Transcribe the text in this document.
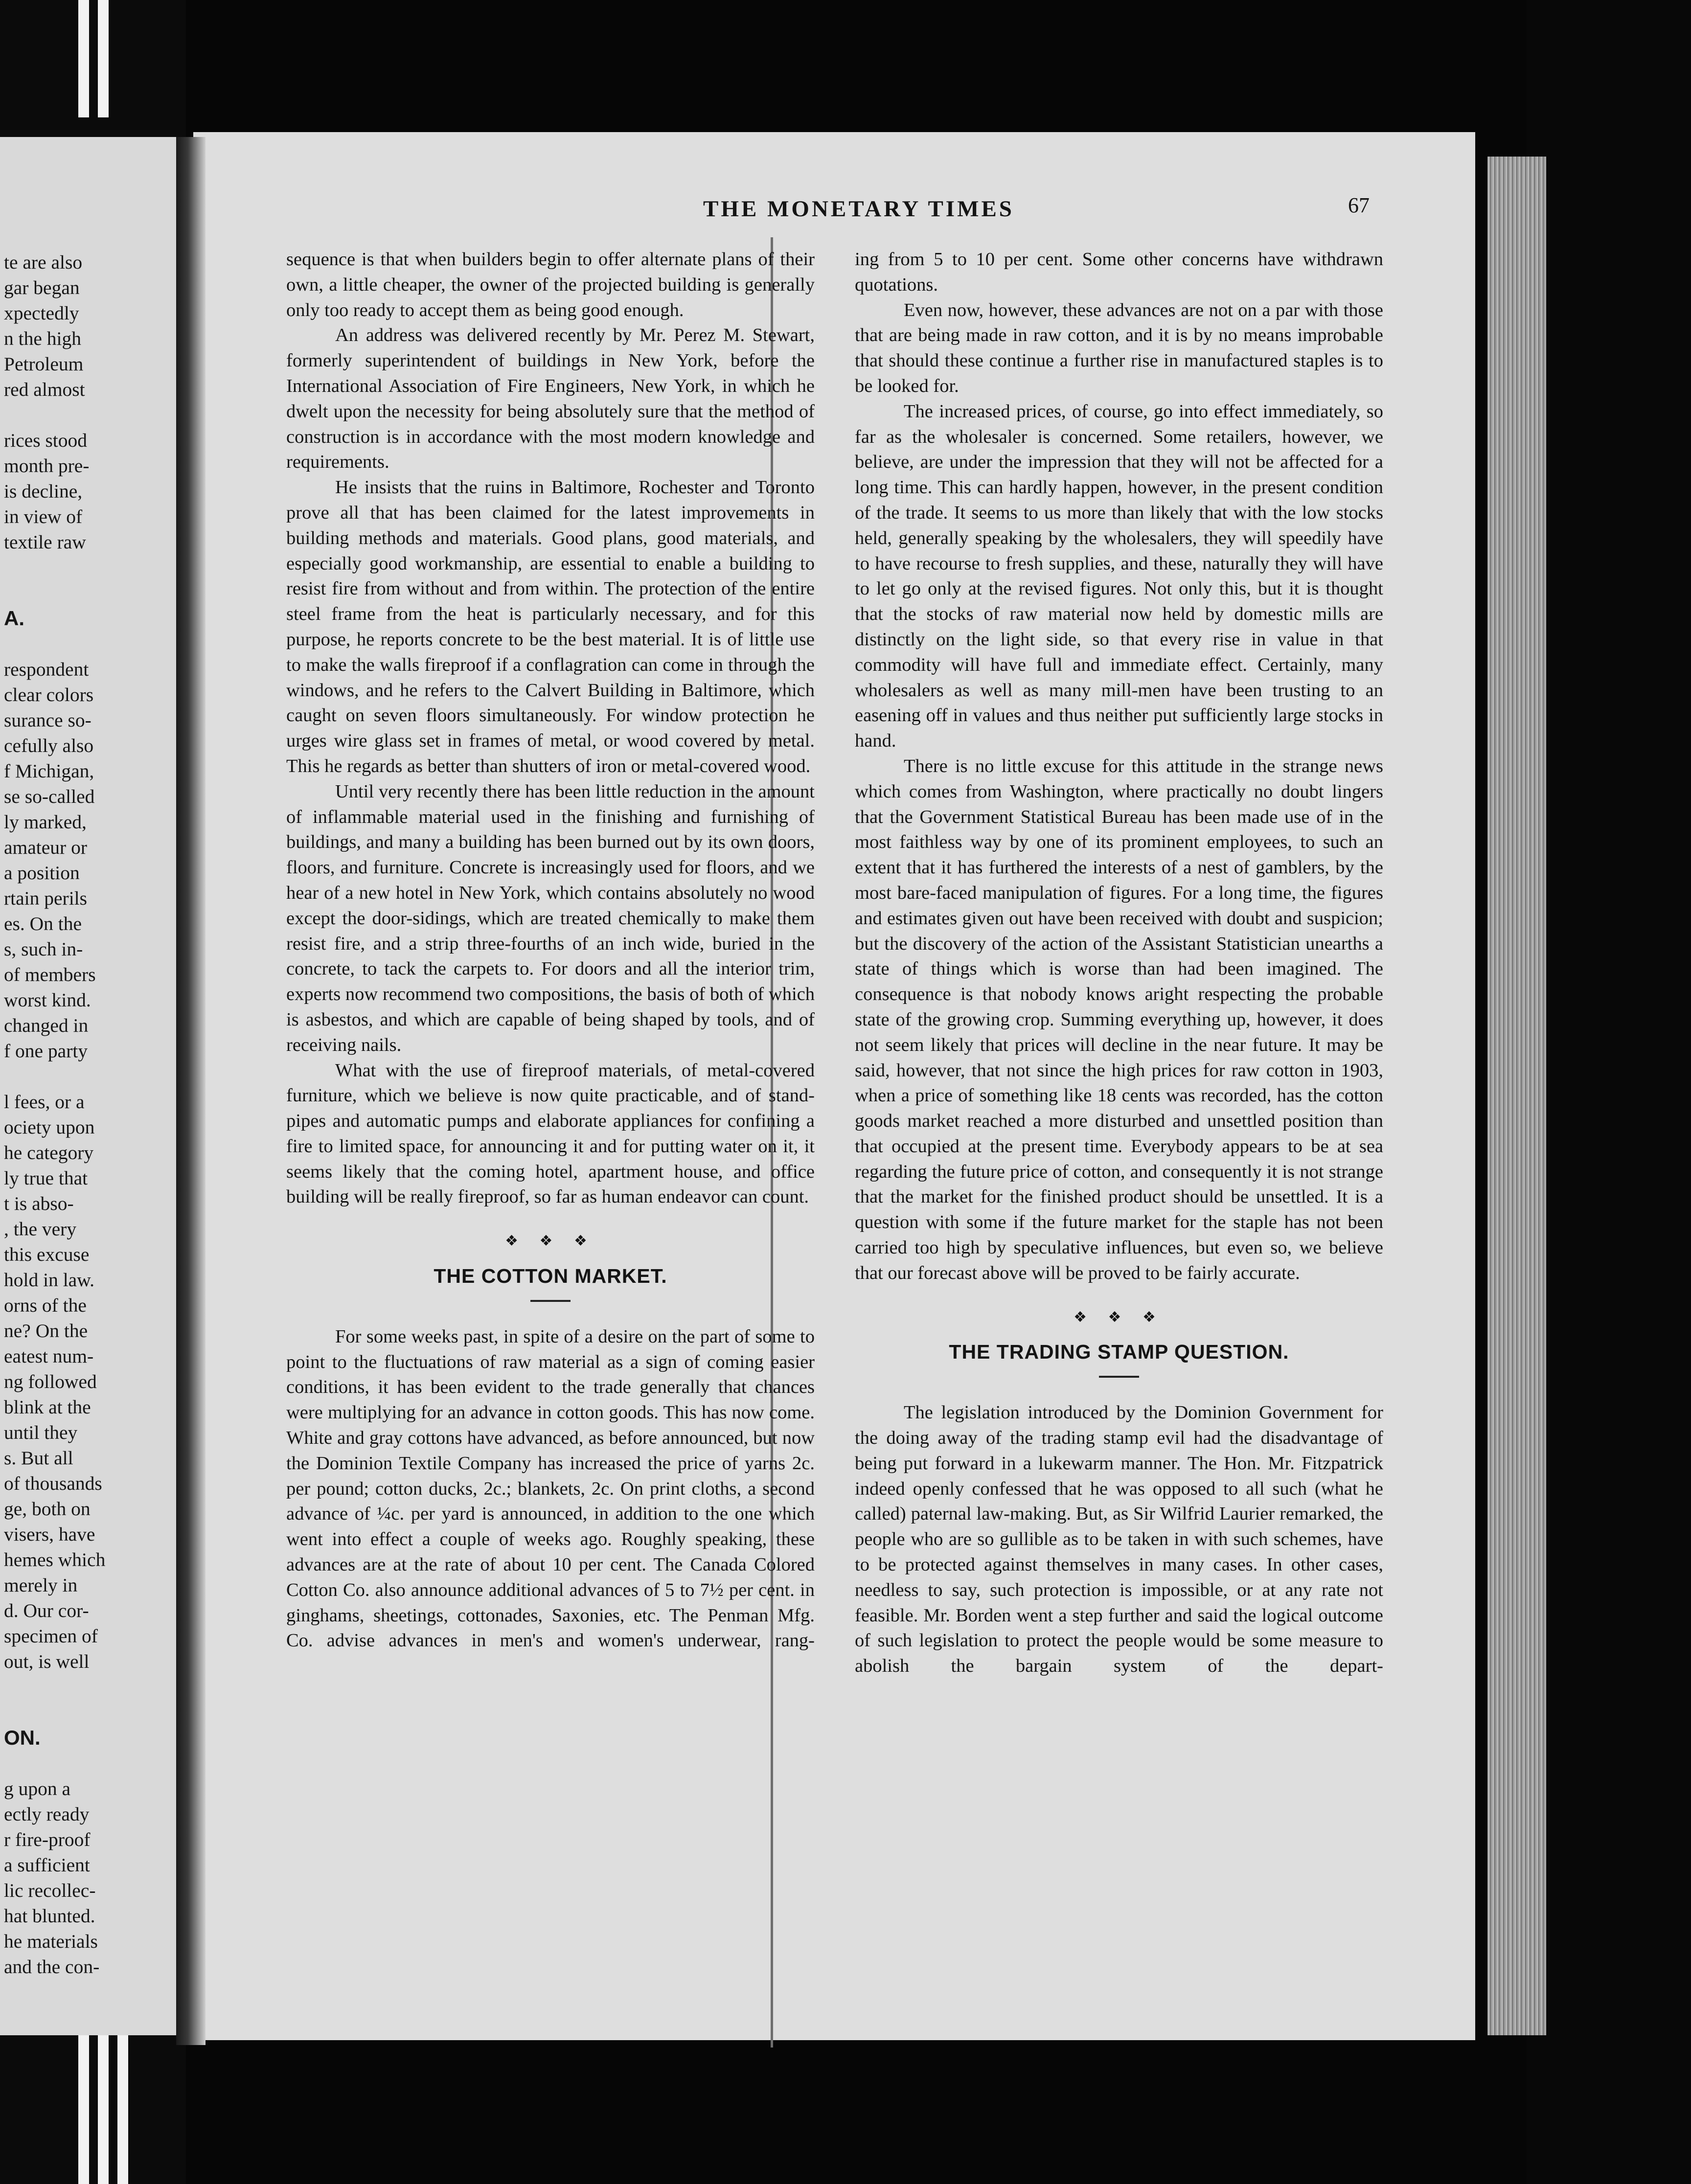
te are also
gar began
xpectedly
n the high
Petroleum
red almost

rices stood
month pre-
is decline,
in view of
textile raw

A.

respondent
clear colors
surance so-
cefully also
f Michigan,
se so-called
ly marked,
amateur or
a position
rtain perils
es. On the
s, such in-
of members
worst kind.
changed in
f one party

l fees, or a
ociety upon
he category
ly true that
t is abso-
, the very
this excuse
hold in law.
orns of the
ne? On the
eatest num-
ng followed
blink at the
until they
s. But all
of thousands
ge, both on
visers, have
hemes which
merely in
d. Our cor-
specimen of
out, is well

ON.

g upon a
ectly ready
r fire-proof
a sufficient
lic recollec-
hat blunted.
he materials
and the con-
THE MONETARY TIMES	67

sequence is that when builders begin to offer alternate plans of their own, a little cheaper, the owner of the projected building is generally only too ready to accept them as being good enough.

An address was delivered recently by Mr. Perez M. Stewart, formerly superintendent of buildings in New York, before the International Association of Fire Engineers, New York, in which he dwelt upon the necessity for being absolutely sure that the method of construction is in accordance with the most modern knowledge and requirements.

He insists that the ruins in Baltimore, Rochester and Toronto prove all that has been claimed for the latest improvements in building methods and materials. Good plans, good materials, and especially good workmanship, are essential to enable a building to resist fire from without and from within. The protection of the entire steel frame from the heat is particularly necessary, and for this purpose, he reports concrete to be the best material. It is of little use to make the walls fireproof if a conflagration can come in through the windows, and he refers to the Calvert Building in Baltimore, which caught on seven floors simultaneously. For window protection he urges wire glass set in frames of metal, or wood covered by metal. This he regards as better than shutters of iron or metal-covered wood.

Until very recently there has been little reduction in the amount of inflammable material used in the finishing and furnishing of buildings, and many a building has been burned out by its own doors, floors, and furniture. Concrete is increasingly used for floors, and we hear of a new hotel in New York, which contains absolutely no wood except the door-sidings, which are treated chemically to make them resist fire, and a strip three-fourths of an inch wide, buried in the concrete, to tack the carpets to. For doors and all the interior trim, experts now recommend two compositions, the basis of both of which is asbestos, and which are capable of being shaped by tools, and of receiving nails.

What with the use of fireproof materials, of metal-covered furniture, which we believe is now quite practicable, and of stand-pipes and automatic pumps and elaborate appliances for confining a fire to limited space, for announcing it and for putting water on it, it seems likely that the coming hotel, apartment house, and office building will be really fireproof, so far as human endeavor can count.

❖ ❖ ❖
THE COTTON MARKET.

For some weeks past, in spite of a desire on the part of some to point to the fluctuations of raw material as a sign of coming easier conditions, it has been evident to the trade generally that chances were multiplying for an advance in cotton goods. This has now come. White and gray cottons have advanced, as before announced, but now the Dominion Textile Company has increased the price of yarns 2c. per pound; cotton ducks, 2c.; blankets, 2c. On print cloths, a second advance of ¼c. per yard is announced, in addition to the one which went into effect a couple of weeks ago. Roughly speaking, these advances are at the rate of about 10 per cent. The Canada Colored Cotton Co. also announce additional advances of 5 to 7½ per cent. in ginghams, sheetings, cottonades, Saxonies, etc. The Penman Mfg. Co. advise advances in men's and women's underwear, rang-

ing from 5 to 10 per cent. Some other concerns have withdrawn quotations.

Even now, however, these advances are not on a par with those that are being made in raw cotton, and it is by no means improbable that should these continue a further rise in manufactured staples is to be looked for.

The increased prices, of course, go into effect immediately, so far as the wholesaler is concerned. Some retailers, however, we believe, are under the impression that they will not be affected for a long time. This can hardly happen, however, in the present condition of the trade. It seems to us more than likely that with the low stocks held, generally speaking by the wholesalers, they will speedily have to have recourse to fresh supplies, and these, naturally they will have to let go only at the revised figures. Not only this, but it is thought that the stocks of raw material now held by domestic mills are distinctly on the light side, so that every rise in value in that commodity will have full and immediate effect. Certainly, many wholesalers as well as many mill-men have been trusting to an easening off in values and thus neither put sufficiently large stocks in hand.

There is no little excuse for this attitude in the strange news which comes from Washington, where practically no doubt lingers that the Government Statistical Bureau has been made use of in the most faithless way by one of its prominent employees, to such an extent that it has furthered the interests of a nest of gamblers, by the most bare-faced manipulation of figures. For a long time, the figures and estimates given out have been received with doubt and suspicion; but the discovery of the action of the Assistant Statistician unearths a state of things which is worse than had been imagined. The consequence is that nobody knows aright respecting the probable state of the growing crop. Summing everything up, however, it does not seem likely that prices will decline in the near future. It may be said, however, that not since the high prices for raw cotton in 1903, when a price of something like 18 cents was recorded, has the cotton goods market reached a more disturbed and unsettled position than that occupied at the present time. Everybody appears to be at sea regarding the future price of cotton, and consequently it is not strange that the market for the finished product should be unsettled. It is a question with some if the future market for the staple has not been carried too high by speculative influences, but even so, we believe that our forecast above will be proved to be fairly accurate.

❖ ❖ ❖
THE TRADING STAMP QUESTION.

The legislation introduced by the Dominion Government for the doing away of the trading stamp evil had the disadvantage of being put forward in a lukewarm manner. The Hon. Mr. Fitzpatrick indeed openly confessed that he was opposed to all such (what he called) paternal law-making. But, as Sir Wilfrid Laurier remarked, the people who are so gullible as to be taken in with such schemes, have to be protected against themselves in many cases. In other cases, needless to say, such protection is impossible, or at any rate not feasible. Mr. Borden went a step further and said the logical outcome of such legislation to protect the people would be some measure to abolish the bargain system of the depart-
